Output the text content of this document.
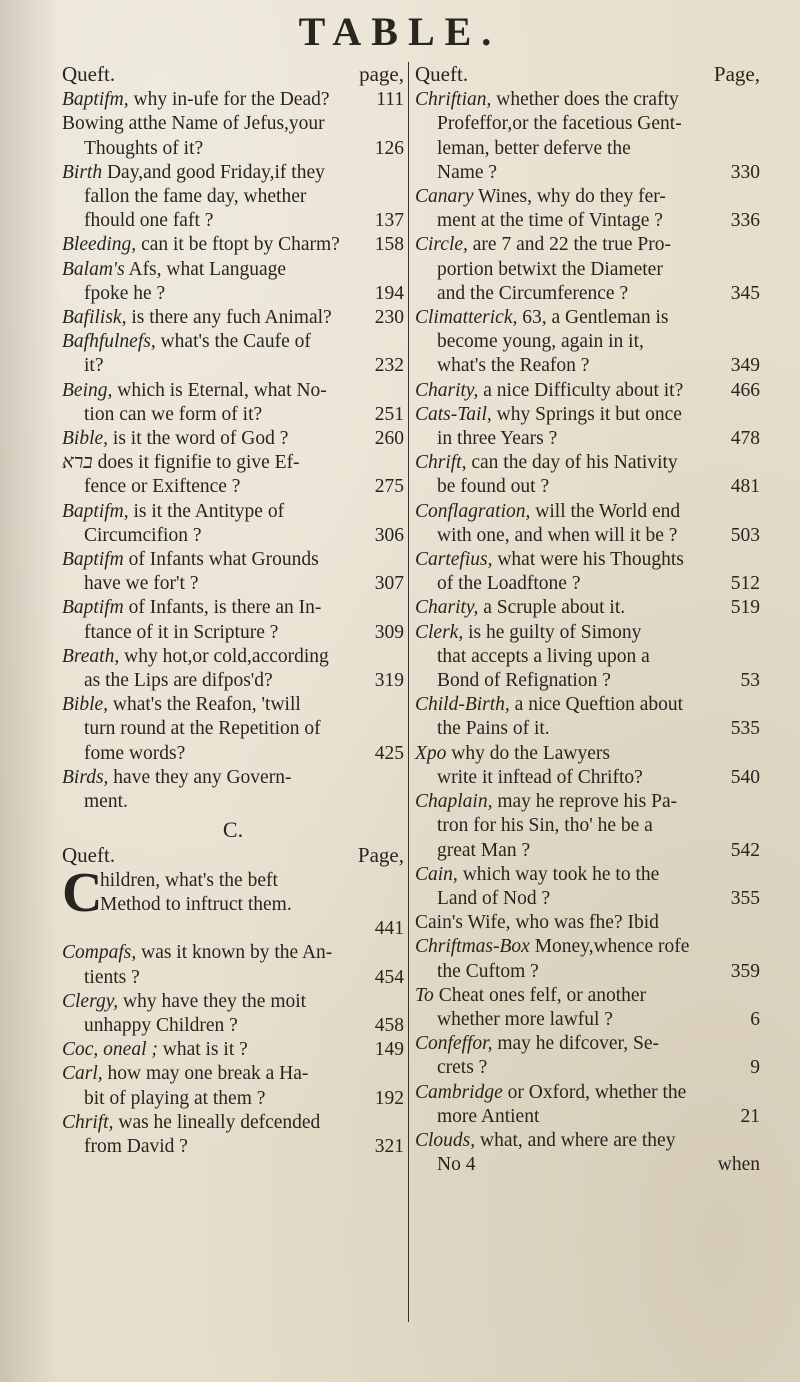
TABLE.
Queft.	page,
Baptifm, why in-ufe for the Dead? 111
Bowing atthe Name of Jefus,your
Thoughts of it?	126
Birth Day,and good Friday,if they
fallon the fame day, whether
fhould one faft ?	137
Bleeding, can it be ftopt by Charm? 158
Balam's Afs, what Language
fpoke he ?	194
Bafilisk, is there any fuch Animal? 230
Bafhfulnefs, what's the Caufe of
it?	232
Being, which is Eternal, what No-
tion can we form of it?	251
Bible, is it the word of God ?	260
ברא does it fignifie to give Ef-
fence or Exiftence ?	275
Baptifm, is it the Antitype of
Circumcifion ?	306
Baptifm of Infants what Grounds
have we for't ?	307
Baptifm of Infants, is there an In-
ftance of it in Scripture ?	309
Breath, why hot,or cold,according
as the Lips are difpos'd?	319
Bible, what's the Reafon, 'twill
turn round at the Repetition of
fome words?	425
Birds, have they any Govern-
ment.
C.
Queft.	Page,
C
hildren, what's the beft
Method to inftruct them.
441
Compafs, was it known by the An-
tients ?	454
Clergy, why have they the moit
unhappy Children ?	458
Coc, oneal ; what is it ?	149
Carl, how may one break a Ha-
bit of playing at them ?	192
Chrift, was he lineally defcended
from David ?	321
Queft.	Page,
Chriftian, whether does the crafty
Profeffor,or the facetious Gent-
leman, better deferve the
Name ?	330
Canary Wines, why do they fer-
ment at the time of Vintage ?	336
Circle, are 7 and 22 the true Pro-
portion betwixt the Diameter
and the Circumference ?	345
Climatterick, 63, a Gentleman is
become young, again in it,
what's the Reafon ?	349
Charity, a nice Difficulty about it? 466
Cats-Tail, why Springs it but once
in three Years ?	478
Chrift, can the day of his Nativity
be found out ?	481
Conflagration, will the World end
with one, and when will it be ?	503
Cartefius, what were his Thoughts
of the Loadftone ?	512
Charity, a Scruple about it.	519
Clerk, is he guilty of Simony
that accepts a living upon a
Bond of Refignation ?	53
Child-Birth, a nice Queftion about
the Pains of it.	535
Xpo why do the Lawyers
write it inftead of Chrifto?	540
Chaplain, may he reprove his Pa-
tron for his Sin, tho' he be a
great Man ?	542
Cain, which way took he to the
Land of Nod ?	355
Cain's Wife, who was fhe? Ibid
Chriftmas-Box Money,whence rofe
the Cuftom ?	359
To Cheat ones felf, or another
whether more lawful ?	6
Confeffor, may he difcover, Se-
crets ?	9
Cambridge or Oxford, whether the
more Antient	21
Clouds, what, and where are they
No 4	when
